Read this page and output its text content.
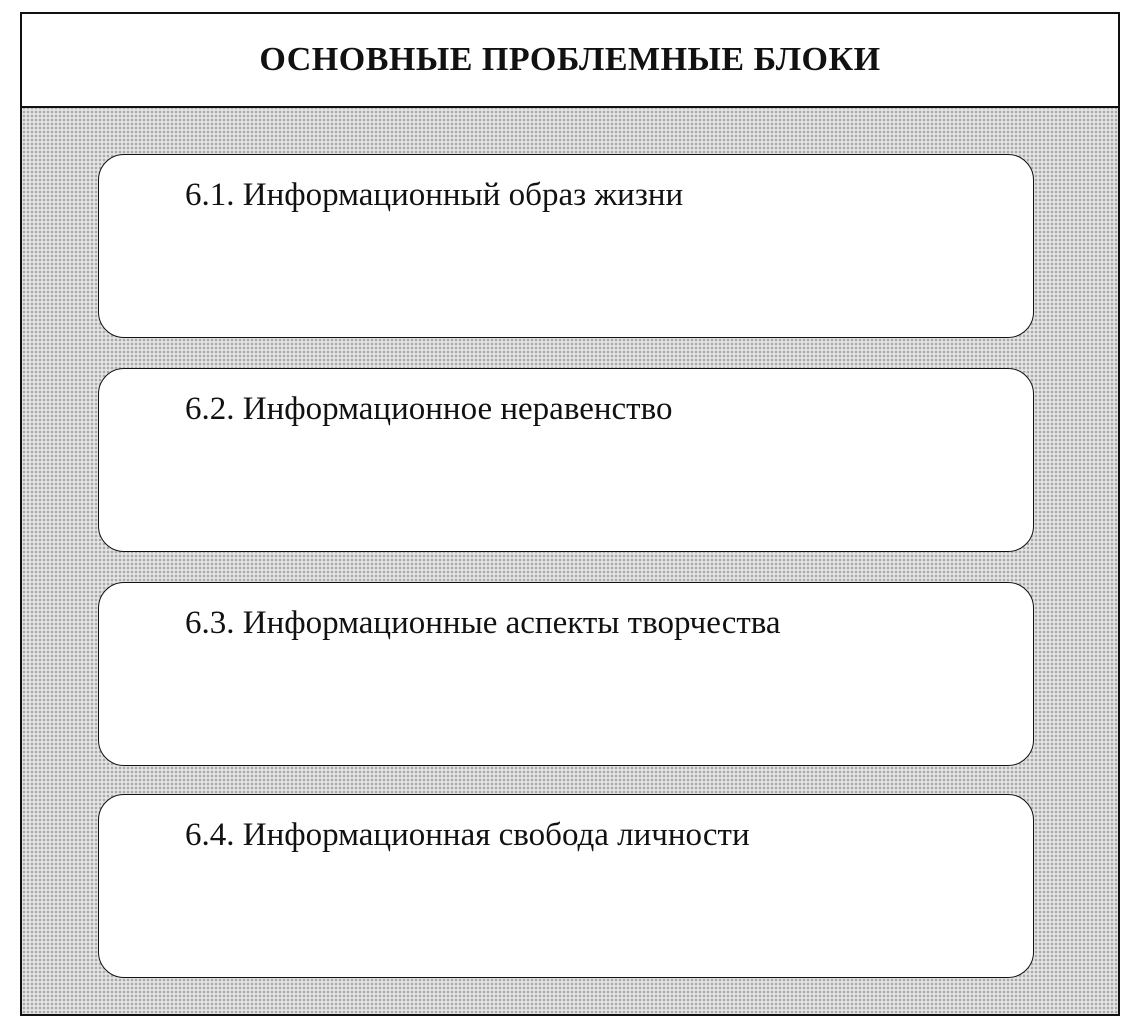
ОСНОВНЫЕ ПРОБЛЕМНЫЕ БЛОКИ
6.1. Информационный образ жизни
6.2. Информационное неравенство
6.3. Информационные аспекты творчества
6.4. Информационная свобода личности
